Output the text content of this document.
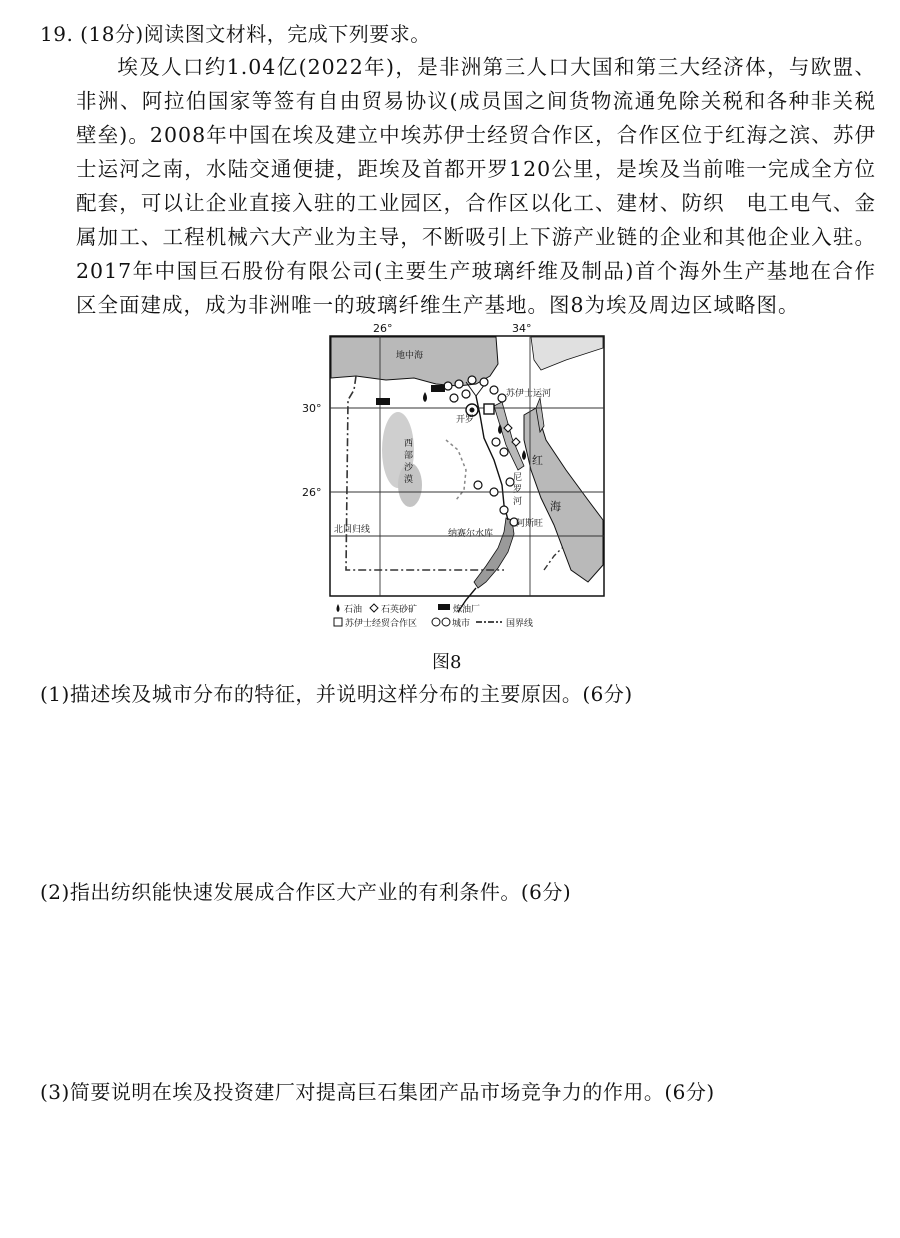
19. (18分)阅读图文材料，完成下列要求。

埃及人口约1.04亿(2022年)，是非洲第三人口大国和第三大经济体，与欧盟、非洲、阿拉伯国家等签有自由贸易协议(成员国之间货物流通免除关税和各种非关税壁垒)。2008年中国在埃及建立中埃苏伊士经贸合作区，合作区位于红海之滨、苏伊士运河之南，水陆交通便捷，距埃及首都开罗120公里，是埃及当前唯一完成全方位配套，可以让企业直接入驻的工业园区，合作区以化工、建材、防织　电工电气、金属加工、工程机械六大产业为主导，不断吸引上下游产业链的企业和其他企业入驻。2017年中国巨石股份有限公司(主要生产玻璃纤维及制品)首个海外生产基地在合作区全面建成，成为非洲唯一的玻璃纤维生产基地。图8为埃及周边区域略图。

26°	34°
30°
26°
地中海
苏伊士运河
开罗
西
部
沙
漠
红
海
尼
罗
河
阿斯旺
纳赛尔水库
北回归线
石油 石英砂矿	炼油厂
苏伊士经贸合作区	城市	国界线
图8
(1)描述埃及城市分布的特征，并说明这样分布的主要原因。(6分)
(2)指出纺织能快速发展成合作区大产业的有利条件。(6分)
(3)简要说明在埃及投资建厂对提高巨石集团产品市场竞争力的作用。(6分)
